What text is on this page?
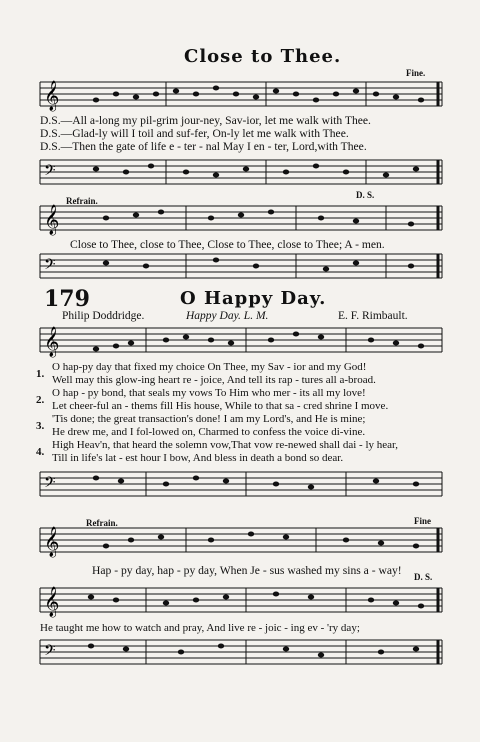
Close to Thee.
Fine.
𝄞
D.S.—All a-long my pil-grim jour-ney, Sav-ior, let me walk with Thee.
D.S.—Glad-ly will I toil and suf-fer, On-ly let me walk with Thee.
D.S.—Then the gate of life e - ter - nal May I en - ter, Lord,with Thee.
𝄢
Refrain.
D. S.
𝄞
Close to Thee, close to Thee, Close to Thee, close to Thee; A - men.
𝄢
179	O Happy Day.
Philip Doddridge.	Happy Day. L. M.	E. F. Rimbault.
𝄞
1.
2.
3.
4.
O hap-py day that fixed my choice On Thee, my Sav - ior and my God!
Well may this glow-ing heart re - joice, And tell its rap - tures all a-broad.
O hap - py bond, that seals my vows To Him who mer - its all my love!
Let cheer-ful an - thems fill His house, While to that sa - cred shrine I move.
'Tis done; the great transaction's done! I am my Lord's, and He is mine;
He drew me, and I fol-lowed on, Charmed to confess the voice di-vine.
High Heav'n, that heard the solemn vow,That vow re-newed shall dai - ly hear,
Till in life's lat - est hour I bow, And bless in death a bond so dear.
𝄢
Refrain.	Fine
𝄞
Hap - py day, hap - py day, When Je - sus washed my sins a - way! D. S.
𝄞
He taught me how to watch and pray, And live re - joic - ing ev - 'ry day;
𝄢
